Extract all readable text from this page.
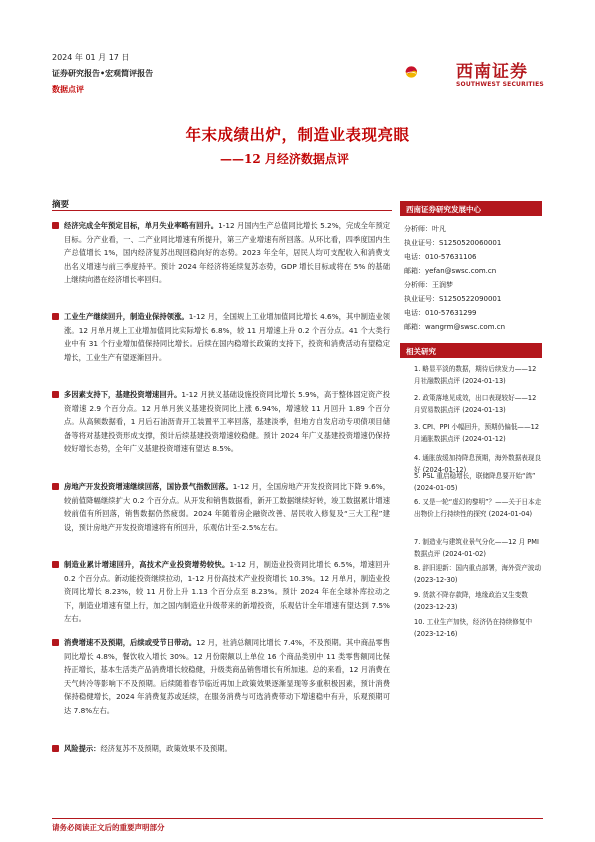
2024 年 01 月 17 日
证券研究报告•宏观简评报告
数据点评
西南证券
SOUTHWEST SECURITIES
年末成绩出炉，制造业表现亮眼
——12 月经济数据点评
摘要
经济完成全年预定目标，单月失业率略有回升。1-12 月国内生产总值同比增长 5.2%，完成全年预定目标。分产业看，一、二产业同比增速有所提升，第三产业增速有所回落。从环比看，四季度国内生产总值增长 1%，国内经济复苏出现回稳向好的态势。2023 年全年，居民人均可支配收入和消费支出名义增速与前三季度持平。预计 2024 年经济将延续复苏态势，GDP 增长目标或将在 5% 的基础上继续向潜在经济增长率回归。
工业生产继续回升，制造业保持领涨。1-12 月，全国规上工业增加值同比增长 4.6%，其中制造业领涨。12 月单月规上工业增加值同比实际增长 6.8%，较 11 月增速上升 0.2 个百分点。41 个大类行业中有 31 个行业增加值保持同比增长。后续在国内稳增长政策的支持下，投资和消费活动有望稳定增长，工业生产有望逐渐回升。
多因素支持下，基建投资增速回升。1-12 月狭义基础设施投资同比增长 5.9%，高于整体固定资产投资增速 2.9 个百分点。12 月单月狭义基建投资同比上涨 6.94%，增速较 11 月回升 1.89 个百分点。从高频数据看，1 月后石油沥青开工装置平工率回落，基建淡季，但地方自发启动专项债项目储备等将对基建投资形成支撑，预计后续基建投资增速较稳健。预计 2024 年广义基建投资增速仍保持较好增长态势，全年广义基建投资增速有望达 8.5%。
房地产开发投资增速继续回落，国协景气指数回落。1-12 月，全国房地产开发投资同比下降 9.6%，较前值降幅继续扩大 0.2 个百分点。从开发和销售数据看，新开工数据继续好转，竣工数据累计增速较前值有所回落，销售数据仍然疲弱。2024 年随着房企融资改善、居民收入修复及“三大工程”建设，预计房地产开发投资增速将有所回升，乐观估计至-2.5%左右。
制造业累计增速回升，高技术产业投资增势较快。1-12 月，制造业投资同比增长 6.5%，增速回升 0.2 个百分点。新动能投资继续拉动，1-12 月份高技术产业投资增长 10.3%。12 月单月，制造业投资同比增长 8.23%，较 11 月份上升 1.13 个百分点至 8.23%。预计 2024 年在全球补库拉动之下，制造业增速有望上行，加之国内制造业升级带来的新增投资，乐观估计全年增速有望达到 7.5%左右。
消费增速不及预期，后续或受节日带动。12 月，社消总额同比增长 7.4%，不及预期。其中商品零售同比增长 4.8%，餐饮收入增长 30%。12 月份限额以上单位 16 个商品类别中 11 类零售额同比保持正增长，基本生活类产品消费增长较稳健，升级类商品销售增长有所加速。总的来看，12 月消费在天气转冷等影响下不及预期。后续随着春节临近再加上政策效果逐渐显现等多重积极因素，预计消费保持稳健增长，2024 年消费复苏或延续，在服务消费与可选消费带动下增速稳中有升，乐观预期可达 7.8%左右。
风险提示：经济复苏不及预期，政策效果不及预期。
西南证券研究发展中心
分析师：叶凡
执业证号：S1250520060001
电话：010-57631106
邮箱：yefan@swsc.com.cn
分析师：王润梦
执业证号：S1250522090001
电话：010-57631299
邮箱：wangrm@swsc.com.cn
相关研究
1. 略显平淡的数据，期待后续发力——12 月社融数据点评 (2024-01-13)
2. 政策落地见成效，出口表现较好——12 月贸易数据点评 (2024-01-13)
3. CPI、PPI 小幅回升，预期仍偏低——12 月通胀数据点评 (2024-01-12)
4. 通胀放缓加持降息预期，海外数据表现良好 (2024-01-12)
5. PSL 重启稳增长，联储降息要开始“鸽” (2024-01-05)
6. 又是一轮“虚幻的黎明”？——关于日本走出物价上行持续性的探究 (2024-01-04)
7. 制造业与建筑业景气分化——12 月 PMI 数据点评 (2024-01-02)
8. 辞旧迎新：国内重点部署，海外资产波动 (2023-12-30)
9. 货款不降存款降，地缘政治又生变数 (2023-12-23)
10. 工业生产加快，经济仍在持续修复中 (2023-12-16)
请务必阅读正文后的重要声明部分
